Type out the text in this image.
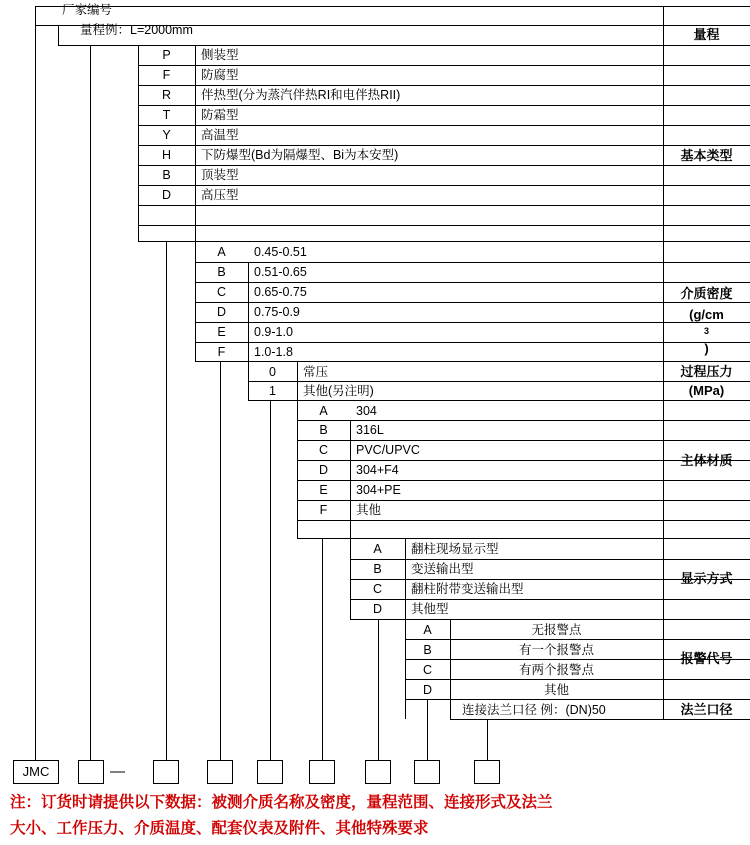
厂家编号
量程例：L=2000mm	量程
P	侧装型
F	防腐型
R	伴热型(分为蒸汽伴热RI和电伴热RII)
T	防霜型
Y	高温型
H	下防爆型(Bd为隔爆型、Bi为本安型)
B	顶装型
D	高压型
基本类型
A	0.45-0.51
B	0.51-0.65
C	0.65-0.75
D	0.75-0.9
E	0.9-1.0
F	1.0-1.8
介质密度
(g/cm
3
)
0	常压
1	其他(另注明)
过程压力
(MPa)
A	304
B	316L
C	PVC/UPVC
D	304+F4
E	304+PE
F	其他
主体材质
A	翻柱现场显示型
B	变送输出型
C	翻柱附带变送输出型
D	其他型
显示方式
A	无报警点
B	有一个报警点
C	有两个报警点
D	其他
报警代号
连接法兰口径 例：(DN)50	法兰口径
JMC	—
注：订货时请提供以下数据：被测介质名称及密度，量程范围、连接形式及法兰
大小、工作压力、介质温度、配套仪表及附件、其他特殊要求
